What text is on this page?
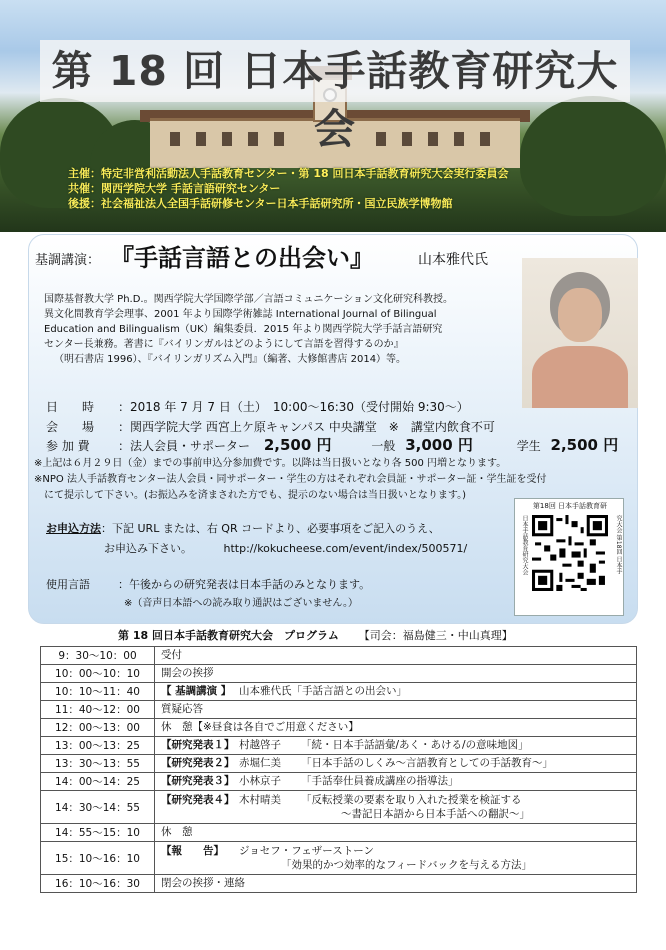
第 18 回 日本手話教育研究大会
主催：特定非営利活動法人手話教育センター・第 18 回日本手話教育研究大会実行委員会
共催：関西学院大学 手話言語研究センター
後援：社会福祉法人全国手話研修センター日本手話研究所・国立民族学博物館
基調講演： 『手話言語との出会い』	山本雅代氏
国際基督教大学 Ph.D.。関西学院大学国際学部／言語コミュニケーション文化研究科教授。
異文化間教育学会理事、2001 年より国際学術雑誌 International Journal of Bilingual
Education and Bilingualism（UK）編集委員．2015 年より関西学院大学手話言語研究
センター長兼務。著書に『バイリンガルはどのようにして言語を習得するのか』
（明石書店 1996）、『バイリンガリズム入門』（編著、大修館書店 2014）等。
日　　時 ：2018 年 7 月 7 日（土）　10:00～16:30（受付開始 9:30～）
会　　場 ：関西学院大学 西宮上ケ原キャンパス 中央講堂　※　講堂内飲食不可
参 加 費 ：法人会員・サポーター 2,500 円	一般 3,000 円	学生 2,500 円
※上記は６月２９日（金）までの事前申込分参加費です。以降は当日扱いとなり各 500 円増となります。
※NPO 法人手話教育センター法人会員・同サポーター・学生の方はそれぞれ会員証・サポーター証・学生証を受付
　にて提示して下さい。(お振込みを済まされた方でも、提示のない場合は当日扱いとなります。)
お申込方法：下記 URL または、右 QR コードより、必要事項をご記入のうえ、
お申込み下さい。	http://kokucheese.com/event/index/500571/
使用言語	：午後からの研究発表は日本手話のみとなります。
※（音声日本語への読み取り通訳はございません。）
第18回 日本手話教育研
日本手話教育研究大会	究大会 第18回 日本手
第 18 回日本手話教育研究大会　プログラム 【司会：福島健三・中山真理】
9：30～10：00	受付

10：00～10：10	開会の挨拶

10：10～11：40	【 基調講演 】 山本雅代氏「手話言語との出会い」

11：40～12：00	質疑応答

12：00～13：00	休　憩【※昼食は各自でご用意ください】

13：00～13：25	【研究発表１】 村越啓子 「続・日本手話語彙/あく・あける/の意味地図」

13：30～13：55	【研究発表２】 赤堀仁美 「日本手話のしくみ～言語教育としての手話教育～」

14：00～14：25	【研究発表３】 小林京子 「手話奉仕員養成講座の指導法」

14：30～14：55	【研究発表４】 木村晴美 「反転授業の要素を取り入れた授業を検証する
～書記日本語から日本手話への翻訳～」

14：55～15：10	休　憩

15：10～16：10	【報　　告】 ジョセフ・フェザーストーン
「効果的かつ効率的なフィードバックを与える方法」

16：10～16：30	閉会の挨拶・連絡
